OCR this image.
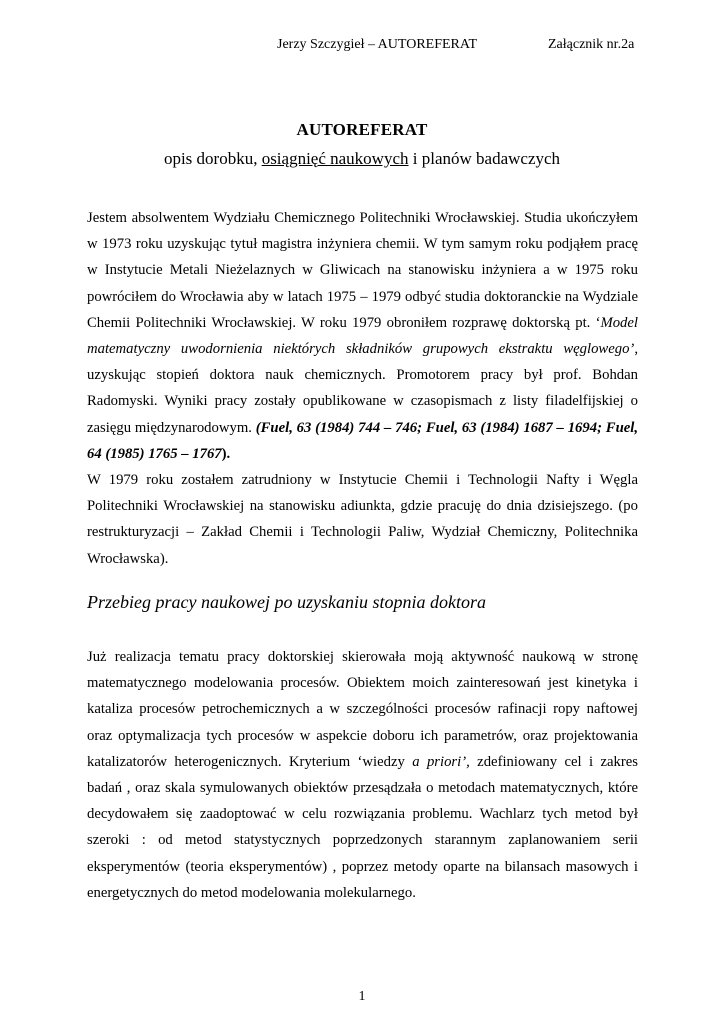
Jerzy Szczygieł – AUTOREFERAT	Załącznik nr.2a
AUTOREFERAT
opis dorobku, osiągnięć naukowych i planów badawczych

Jestem absolwentem Wydziału Chemicznego Politechniki Wrocławskiej. Studia ukończyłem w 1973 roku uzyskując tytuł magistra inżyniera chemii. W tym samym roku podjąłem pracę w Instytucie Metali Nieżelaznych w Gliwicach na stanowisku inżyniera a w 1975 roku powróciłem do Wrocławia aby w latach 1975 – 1979 odbyć studia doktoranckie na Wydziale Chemii Politechniki Wrocławskiej. W roku 1979 obroniłem rozprawę doktorską pt. ‘Model matematyczny uwodornienia niektórych składników grupowych ekstraktu węglowego’, uzyskując stopień doktora nauk chemicznych. Promotorem pracy był prof. Bohdan Radomyski. Wyniki pracy zostały opublikowane w czasopismach z listy filadelfijskiej o zasięgu międzynarodowym. (Fuel, 63 (1984) 744 – 746; Fuel, 63 (1984) 1687 – 1694; Fuel, 64 (1985) 1765 – 1767).

W 1979 roku zostałem zatrudniony w Instytucie Chemii i Technologii Nafty i Węgla Politechniki Wrocławskiej na stanowisku adiunkta, gdzie pracuję do dnia dzisiejszego. (po restrukturyzacji – Zakład Chemii i Technologii Paliw, Wydział Chemiczny, Politechnika Wrocławska).

Przebieg pracy naukowej po uzyskaniu stopnia doktora

Już realizacja tematu pracy doktorskiej skierowała moją aktywność naukową w stronę matematycznego modelowania procesów. Obiektem moich zainteresowań jest kinetyka i kataliza procesów petrochemicznych a w szczególności procesów rafinacji ropy naftowej oraz optymalizacja tych procesów w aspekcie doboru ich parametrów, oraz projektowania katalizatorów heterogenicznych. Kryterium ‘wiedzy a priori’, zdefiniowany cel i zakres badań , oraz skala symulowanych obiektów przesądzała o metodach matematycznych, które decydowałem się zaadoptować w celu rozwiązania problemu. Wachlarz tych metod był szeroki : od metod statystycznych poprzedzonych starannym zaplanowaniem serii eksperymentów (teoria eksperymentów) , poprzez metody oparte na bilansach masowych i energetycznych do metod modelowania molekularnego.

1
